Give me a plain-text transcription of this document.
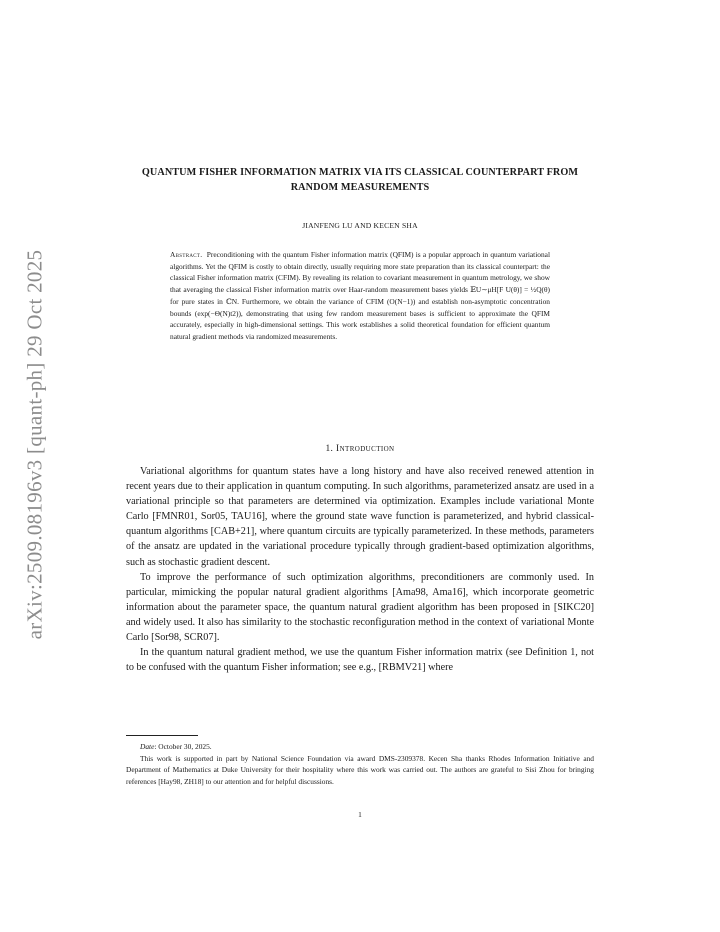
arXiv:2509.08196v3 [quant-ph] 29 Oct 2025
QUANTUM FISHER INFORMATION MATRIX VIA ITS CLASSICAL COUNTERPART FROM
RANDOM MEASUREMENTS
JIANFENG LU AND KECEN SHA
Abstract. Preconditioning with the quantum Fisher information matrix (QFIM) is a popular approach in quantum variational algorithms. Yet the QFIM is costly to obtain directly, usually requiring more state preparation than its classical counterpart: the classical Fisher information matrix (CFIM). By revealing its relation to covariant measurement in quantum metrology, we show that averaging the classical Fisher information matrix over Haar-random measurement bases yields 𝔼U∼μH[F U(θ)] = ½Q(θ) for pure states in ℂN. Furthermore, we obtain the variance of CFIM (O(N−1)) and establish non-asymptotic concentration bounds (exp(−Θ(N)t2)), demonstrating that using few random measurement bases is sufficient to approximate the QFIM accurately, especially in high-dimensional settings. This work establishes a solid theoretical foundation for efficient quantum natural gradient methods via randomized measurements.
1. Introduction

Variational algorithms for quantum states have a long history and have also received renewed attention in recent years due to their application in quantum computing. In such algorithms, parameterized ansatz are used in a variational principle so that parameters are determined via optimization. Examples include variational Monte Carlo [FMNR01, Sor05, TAU16], where the ground state wave function is parameterized, and hybrid classical-quantum algorithms [CAB+21], where quantum circuits are typically parameterized. In these methods, parameters of the ansatz are updated in the variational procedure typically through gradient-based optimization algorithms, such as stochastic gradient descent.

To improve the performance of such optimization algorithms, preconditioners are commonly used. In particular, mimicking the popular natural gradient algorithms [Ama98, Ama16], which incorporate geometric information about the parameter space, the quantum natural gradient algorithm has been proposed in [SIKC20] and widely used. It also has similarity to the stochastic reconfiguration method in the context of variational Monte Carlo [Sor98, SCR07].

In the quantum natural gradient method, we use the quantum Fisher information matrix (see Definition 1, not to be confused with the quantum Fisher information; see e.g., [RBMV21] where

Date: October 30, 2025.

This work is supported in part by National Science Foundation via award DMS-2309378. Kecen Sha thanks Rhodes Information Initiative and Department of Mathematics at Duke University for their hospitality where this work was carried out. The authors are grateful to Sisi Zhou for bringing references [Hay98, ZH18] to our attention and for helpful discussions.

1
